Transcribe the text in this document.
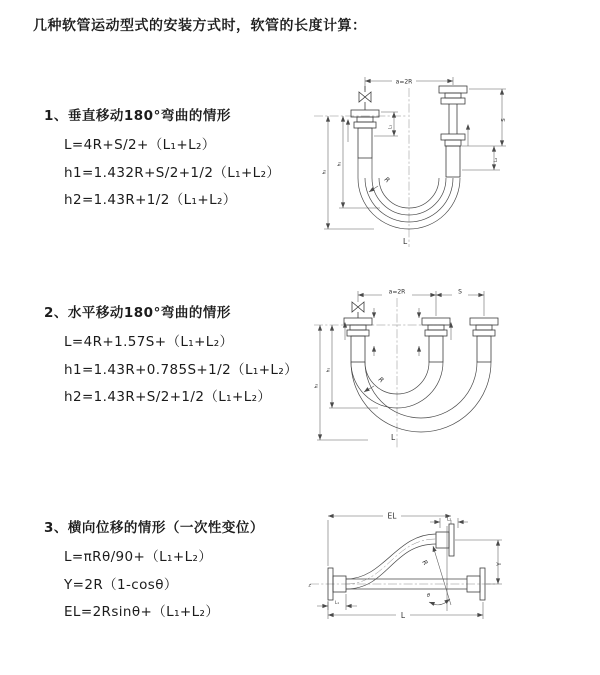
几种软管运动型式的安装方式时，软管的长度计算：
1、垂直移动180°弯曲的情形
L=4R+S/2+（L₁+L₂）
h1=1.432R+S/2+1/2（L₁+L₂）
h2=1.43R+1/2（L₁+L₂）
2、水平移动180°弯曲的情形
L=4R+1.57S+（L₁+L₂）
h1=1.43R+0.785S+1/2（L₁+L₂）
h2=1.43R+S/2+1/2（L₁+L₂）
3、横向位移的情形（一次性变位）
L=πRθ/90+（L₁+L₂）
Y=2R（1-cosθ）
EL=2Rsinθ+（L₁+L₂）
a=2R
L₁
h₂
h₁
R
L
S
L₂
a=2R	S
h₂
h₁
R
L
z
R
θ
EL	L₂
Y
L
L₁
